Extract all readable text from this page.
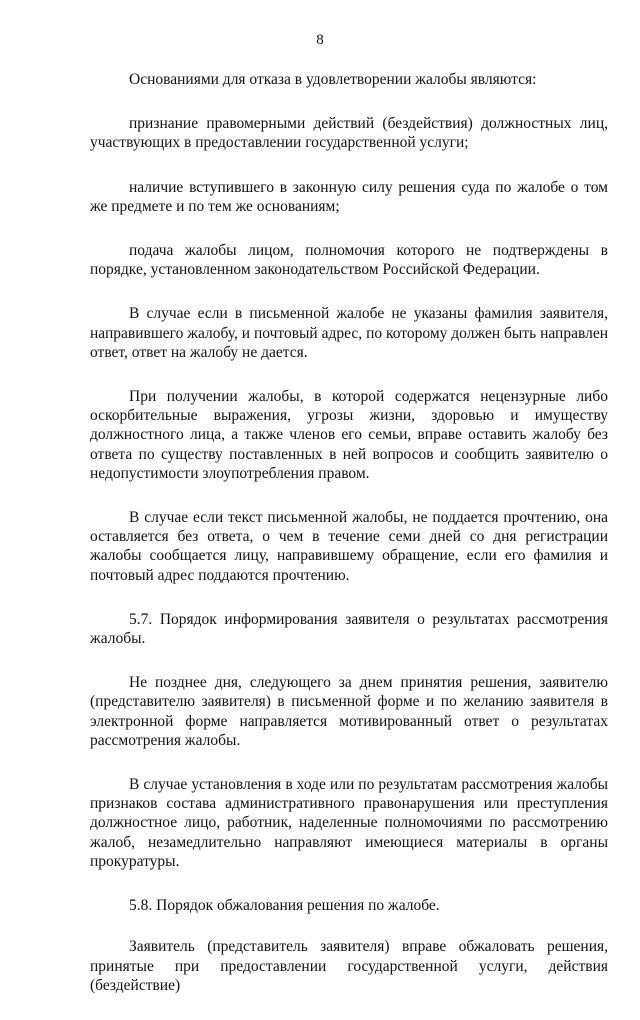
8

Основаниями для отказа в удовлетворении жалобы являются:

признание правомерными действий (бездействия) должностных лиц, участвующих в предоставлении государственной услуги;

наличие вступившего в законную силу решения суда по жалобе о том же предмете и по тем же основаниям;

подача жалобы лицом, полномочия которого не подтверждены в порядке, установленном законодательством Российской Федерации.

В случае если в письменной жалобе не указаны фамилия заявителя, направившего жалобу, и почтовый адрес, по которому должен быть направлен ответ, ответ на жалобу не дается.

При получении жалобы, в которой содержатся нецензурные либо оскорбительные выражения, угрозы жизни, здоровью и имуществу должностного лица, а также членов его семьи, вправе оставить жалобу без ответа по существу поставленных в ней вопросов и сообщить заявителю о недопустимости злоупотребления правом.

В случае если текст письменной жалобы, не поддается прочтению, она оставляется без ответа, о чем в течение семи дней со дня регистрации жалобы сообщается лицу, направившему обращение, если его фамилия и почтовый адрес поддаются прочтению.

5.7. Порядок информирования заявителя о результатах рассмотрения жалобы.

Не позднее дня, следующего за днем принятия решения, заявителю (представителю заявителя) в письменной форме и по желанию заявителя в электронной форме направляется мотивированный ответ о результатах рассмотрения жалобы.

В случае установления в ходе или по результатам рассмотрения жалобы признаков состава административного правонарушения или преступления должностное лицо, работник, наделенные полномочиями по рассмотрению жалоб, незамедлительно направляют имеющиеся материалы в органы прокуратуры.

5.8. Порядок обжалования решения по жалобе.

Заявитель (представитель заявителя) вправе обжаловать решения, принятые при предоставлении государственной услуги, действия (бездействие)
